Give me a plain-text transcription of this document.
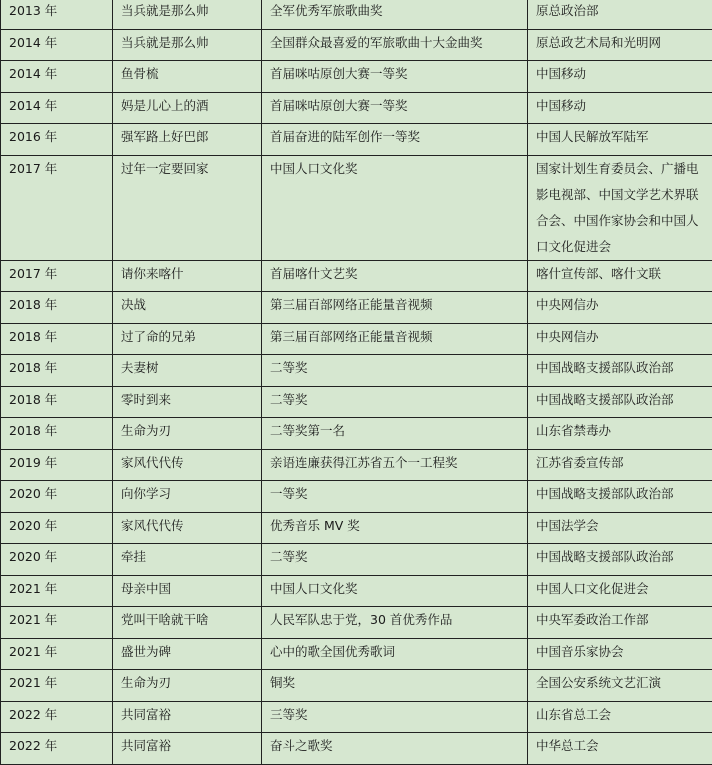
2013 年	当兵就是那么帅	全军优秀军旅歌曲奖	原总政治部
2014 年	当兵就是那么帅	全国群众最喜爱的军旅歌曲十大金曲奖	原总政艺术局和光明网
2014 年	鱼骨梳	首届咪咕原创大赛一等奖	中国移动
2014 年	妈是儿心上的酒	首届咪咕原创大赛一等奖	中国移动
2016 年	强军路上好巴郎	首届奋进的陆军创作一等奖	中国人民解放军陆军
2017 年	过年一定要回家	中国人口文化奖	国家计划生育委员会、广播电影电视部、中国文学艺术界联合会、中国作家协会和中国人口文化促进会
2017 年	请你来喀什	首届喀什文艺奖	喀什宣传部、喀什文联
2018 年	决战	第三届百部网络正能量音视频	中央网信办
2018 年	过了命的兄弟	第三届百部网络正能量音视频	中央网信办
2018 年	夫妻树	二等奖	中国战略支援部队政治部
2018 年	零时到来	二等奖	中国战略支援部队政治部
2018 年	生命为刃	二等奖第一名	山东省禁毒办
2019 年	家风代代传	亲语连廉获得江苏省五个一工程奖	江苏省委宣传部
2020 年	向你学习	一等奖	中国战略支援部队政治部
2020 年	家风代代传	优秀音乐 MV 奖	中国法学会
2020 年	牵挂	二等奖	中国战略支援部队政治部
2021 年	母亲中国	中国人口文化奖	中国人口文化促进会
2021 年	党叫干啥就干啥	人民军队忠于党，30 首优秀作品	中央军委政治工作部
2021 年	盛世为碑	心中的歌全国优秀歌词	中国音乐家协会
2021 年	生命为刃	铜奖	全国公安系统文艺汇演
2022 年	共同富裕	三等奖	山东省总工会
2022 年	共同富裕	奋斗之歌奖	中华总工会
